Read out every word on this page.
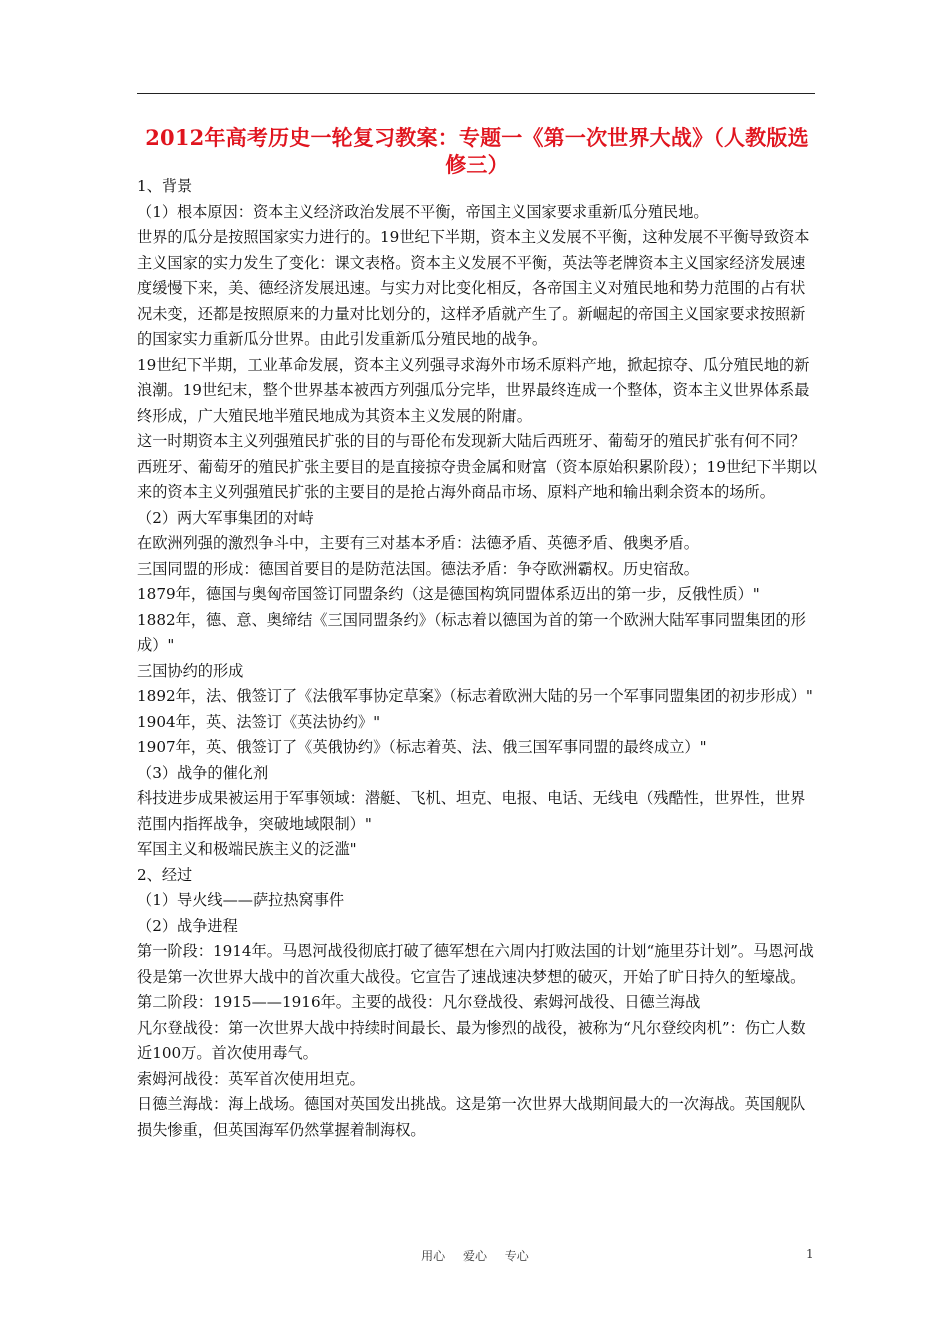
2012年高考历史一轮复习教案：专题一《第一次世界大战》（人教版选修三）

1、背景

（1）根本原因：资本主义经济政治发展不平衡，帝国主义国家要求重新瓜分殖民地。

世界的瓜分是按照国家实力进行的。19世纪下半期，资本主义发展不平衡，这种发展不平衡导致资本主义国家的实力发生了变化：课文表格。资本主义发展不平衡，英法等老牌资本主义国家经济发展速度缓慢下来，美、德经济发展迅速。与实力对比变化相反，各帝国主义对殖民地和势力范围的占有状况未变，还都是按照原来的力量对比划分的，这样矛盾就产生了。新崛起的帝国主义国家要求按照新的国家实力重新瓜分世界。由此引发重新瓜分殖民地的战争。

19世纪下半期，工业革命发展，资本主义列强寻求海外市场禾原料产地，掀起掠夺、瓜分殖民地的新浪潮。19世纪末，整个世界基本被西方列强瓜分完毕，世界最终连成一个整体，资本主义世界体系最终形成，广大殖民地半殖民地成为其资本主义发展的附庸。

这一时期资本主义列强殖民扩张的目的与哥伦布发现新大陆后西班牙、葡萄牙的殖民扩张有何不同？

西班牙、葡萄牙的殖民扩张主要目的是直接掠夺贵金属和财富（资本原始积累阶段）；19世纪下半期以来的资本主义列强殖民扩张的主要目的是抢占海外商品市场、原料产地和输出剩余资本的场所。

（2）两大军事集团的对峙

在欧洲列强的激烈争斗中，主要有三对基本矛盾：法德矛盾、英德矛盾、俄奥矛盾。

三国同盟的形成：德国首要目的是防范法国。德法矛盾：争夺欧洲霸权。历史宿敌。

1879年，德国与奥匈帝国签订同盟条约（这是德国构筑同盟体系迈出的第一步，反俄性质）"

1882年，德、意、奥缔结《三国同盟条约》（标志着以德国为首的第一个欧洲大陆军事同盟集团的形成）"

三国协约的形成

1892年，法、俄签订了《法俄军事协定草案》（标志着欧洲大陆的另一个军事同盟集团的初步形成）"

1904年，英、法签订《英法协约》"

1907年，英、俄签订了《英俄协约》（标志着英、法、俄三国军事同盟的最终成立）"

（3）战争的催化剂

科技进步成果被运用于军事领域：潜艇、飞机、坦克、电报、电话、无线电（残酷性，世界性，世界范围内指挥战争，突破地域限制）"

军国主义和极端民族主义的泛滥"

2、经过

（1）导火线——萨拉热窝事件

（2）战争进程

第一阶段：1914年。马恩河战役彻底打破了德军想在六周内打败法国的计划“施里芬计划”。马恩河战役是第一次世界大战中的首次重大战役。它宣告了速战速决梦想的破灭，开始了旷日持久的堑壕战。

第二阶段：1915——1916年。主要的战役：凡尔登战役、索姆河战役、日德兰海战

凡尔登战役：第一次世界大战中持续时间最长、最为惨烈的战役，被称为“凡尔登绞肉机”：伤亡人数近100万。首次使用毒气。

索姆河战役：英军首次使用坦克。

日德兰海战：海上战场。德国对英国发出挑战。这是第一次世界大战期间最大的一次海战。英国舰队损失惨重，但英国海军仍然掌握着制海权。

用心 爱心 专心	1
